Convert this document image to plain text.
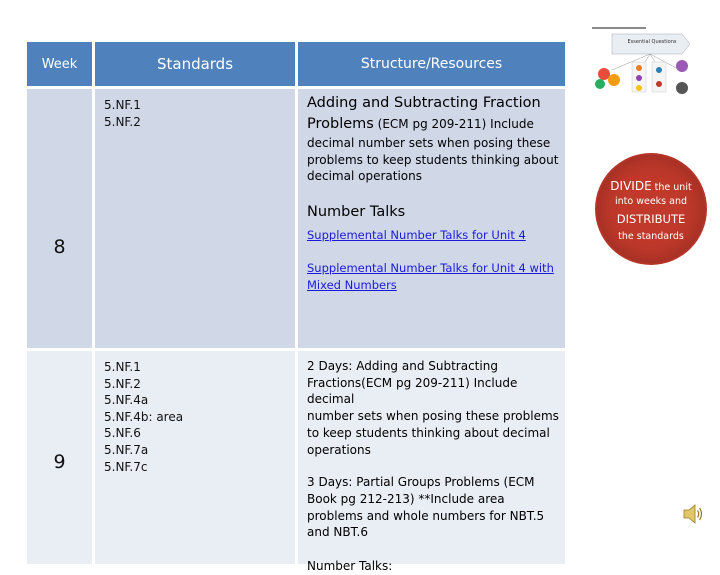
Essential Questions
Week	Standards	Structure/Resources
8
5.NF.1
5.NF.2
Adding and Subtracting Fraction
Problems (ECM pg 209-211) Include
decimal number sets when posing these
problems to keep students thinking about
decimal operations
Number Talks
Supplemental Number Talks for Unit 4
Supplemental Number Talks for Unit 4 with
Mixed Numbers
9
5.NF.1
5.NF.2
5.NF.4a
5.NF.4b: area
5.NF.6
5.NF.7a
5.NF.7c
2 Days: Adding and Subtracting
Fractions(ECM pg 209-211) Include decimal
number sets when posing these problems
to keep students thinking about decimal
operations
3 Days: Partial Groups Problems (ECM
Book pg 212-213) **Include area
problems and whole numbers for NBT.5
and NBT.6
Number Talks:
DIVIDE the unit
into weeks and
DISTRIBUTE
the standards
